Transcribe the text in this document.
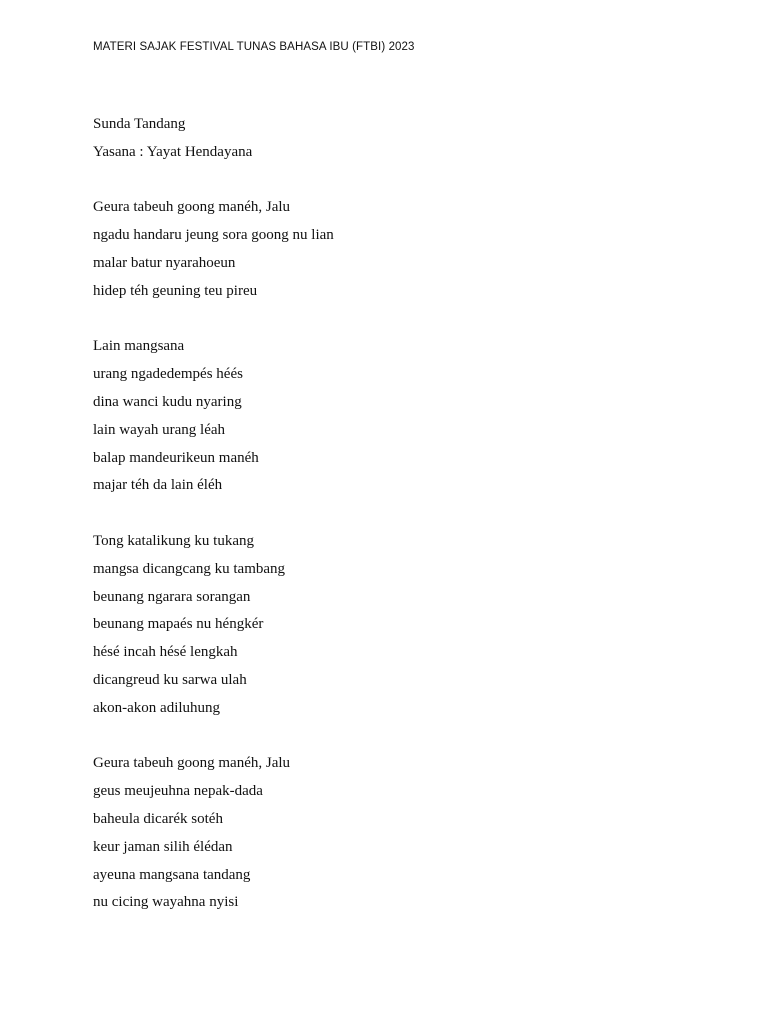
MATERI SAJAK FESTIVAL TUNAS BAHASA IBU (FTBI) 2023
Sunda Tandang
Yasana : Yayat Hendayana
Geura tabeuh goong manéh, Jalu
ngadu handaru jeung sora goong nu lian
malar batur nyarahoeun
hidep téh geuning teu pireu
Lain mangsana
urang ngadedempés héés
dina wanci kudu nyaring
lain wayah urang léah
balap mandeurikeun manéh
majar téh da lain éléh
Tong katalikung ku tukang
mangsa dicangcang ku tambang
beunang ngarara sorangan
beunang mapaés nu héngkér
hésé incah hésé lengkah
dicangreud ku sarwa ulah
akon-akon adiluhung
Geura tabeuh goong manéh, Jalu
geus meujeuhna nepak-dada
baheula dicarék sotéh
keur jaman silih élédan
ayeuna mangsana tandang
nu cicing wayahna nyisi
